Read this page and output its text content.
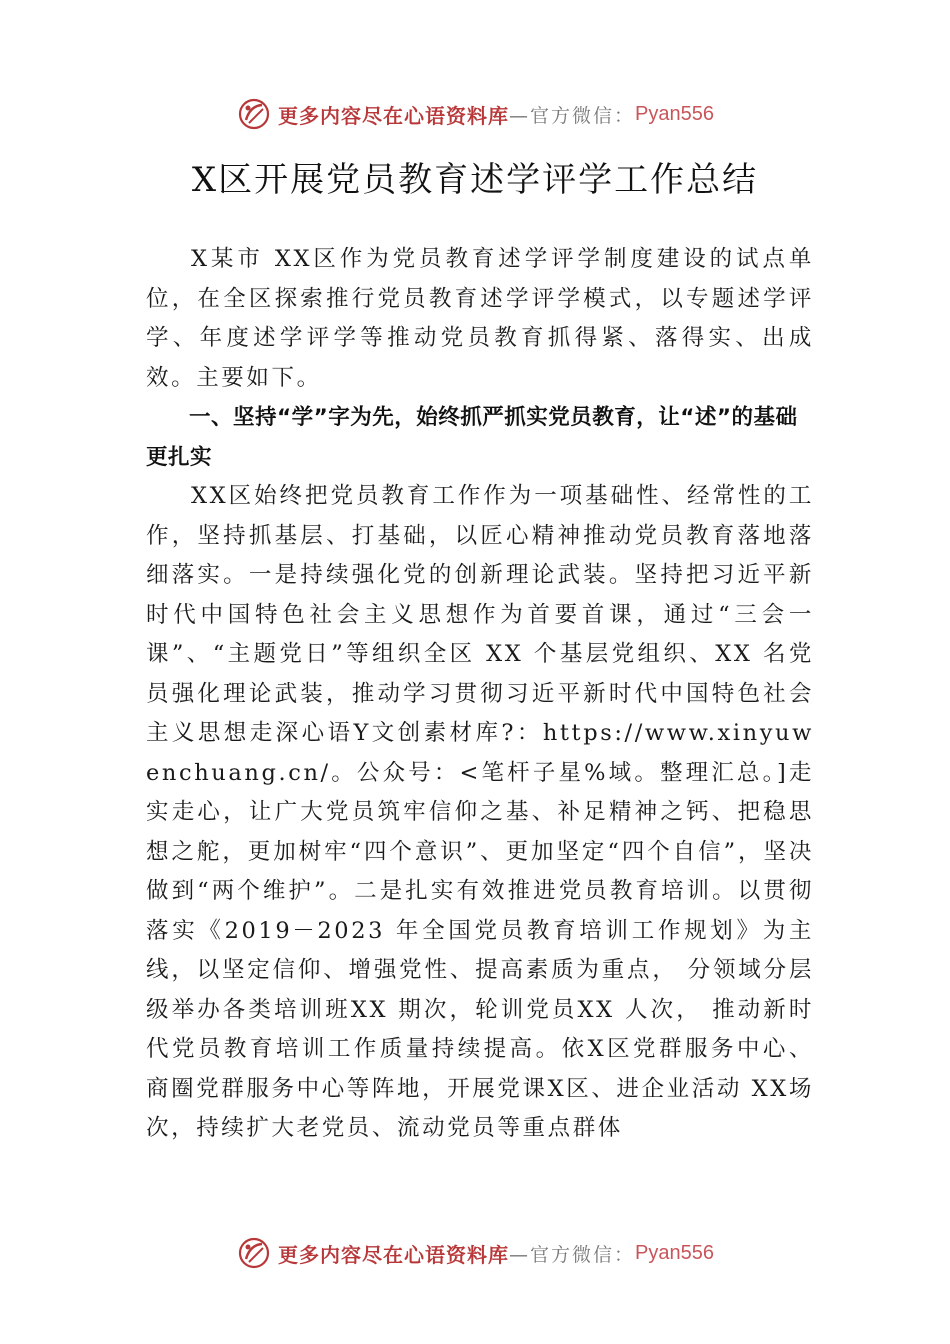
更多内容尽在心语资料库 —官方微信： Pyan556
X区开展党员教育述学评学工作总结

X某市 XX区作为党员教育述学评学制度建设的试点单位，在全区探索推行党员教育述学评学模式，以专题述学评学、年度述学评学等推动党员教育抓得紧、落得实、出成效。主要如下。

一、坚持“学”字为先，始终抓严抓实党员教育，让“述”的基础更扎实

XX区始终把党员教育工作作为一项基础性、经常性的工作，坚持抓基层、打基础，以匠心精神推动党员教育落地落细落实。一是持续强化党的创新理论武装。坚持把习近平新时代中国特色社会主义思想作为首要首课，通过“三会一课”、“主题党日”等组织全区 XX 个基层党组织、XX 名党员强化理论武装，推动学习贯彻习近平新时代中国特色社会主义思想走深心语Y文创素材库?：https://www.xinyuwenchuang.cn/。公众号：<笔杆子星%域。整理汇总。]走实走心，让广大党员筑牢信仰之基、补足精神之钙、把稳思想之舵，更加树牢“四个意识”、更加坚定“四个自信”，坚决做到“两个维护”。二是扎实有效推进党员教育培训。以贯彻落实《2019－2023 年全国党员教育培训工作规划》为主线，以坚定信仰、增强党性、提高素质为重点， 分领域分层级举办各类培训班XX 期次，轮训党员XX 人次， 推动新时代党员教育培训工作质量持续提高。依X区党群服务中心、商圈党群服务中心等阵地，开展党课X区、进企业活动 XX场次，持续扩大老党员、流动党员等重点群体

更多内容尽在心语资料库 —官方微信： Pyan556
